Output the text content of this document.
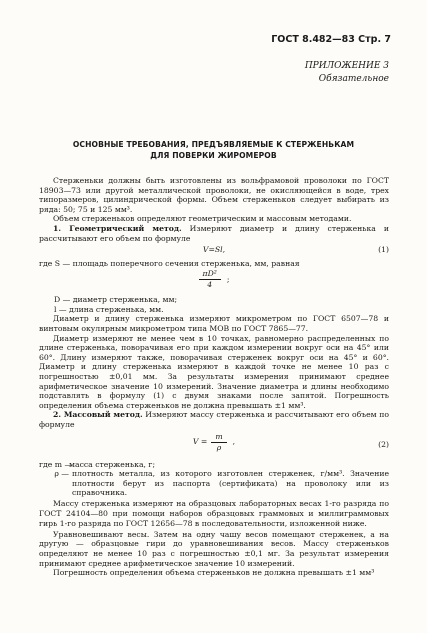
ГОСТ 8.482—83 Стр. 7
ПРИЛОЖЕНИЕ 3
Обязательное
ОСНОВНЫЕ ТРЕБОВАНИЯ, ПРЕДЪЯВЛЯЕМЫЕ К СТЕРЖЕНЬКАМ
ДЛЯ ПОВЕРКИ ЖИРОМЕРОВ

Стерженьки должны быть изготовлены из вольфрамовой проволоки по ГОСТ 18903—73 или другой металлической проволоки, не окисляющейся в воде, трех типоразмеров, цилиндрической формы. Объем стерженьков следует выбирать из ряда: 50; 75 и 125 мм³.

Объем стерженьков определяют геометрическим и массовым методами.

1. Геометрический метод. Измеряют диаметр и длину стерженька и рассчитывают его объем по формуле

V=Sl,	(1)

где S — площадь поперечного сечения стерженька, мм, равная

$\frac{\text{πD²}}{4}$ ;
D — диаметр стерженька, мм;
l — длина стерженька, мм.

Диаметр и длину стерженька измеряют микрометром по ГОСТ 6507—78 и винтовым окулярным микрометром типа МОВ по ГОСТ 7865—77.

Диаметр измеряют не менее чем в 10 точках, равномерно распределенных по длине стерженька, поворачивая его при каждом измерении вокруг оси на 45° или 60°. Длину измеряют также, поворачивая стерженек вокруг оси на 45° и 60°. Диаметр и длину стерженька измеряют в каждой точке не менее 10 раз с погрешностью ±0,01 мм. За результаты измерения принимают среднее арифметическое значение 10 измерений. Значение диаметра и длины необходимо подставлять в формулу (1) с двумя знаками после запятой. Погрешность определения объема стерженьков не должна превышать ±1 мм³.

2. Массовый метод. Измеряют массу стерженька и рассчитывают его объем по формуле

$V = \frac{m}{\rho}$ ,	(2)
где m —
масса стерженька, г;
ρ — плотность металла, из которого изготовлен стерженек, г/мм³. Значение плотности берут из паспорта (сертификата) на проволоку или из справочника.

Массу стерженька измеряют на образцовых лабораторных весах 1-го разряда по ГОСТ 24104—80 при помощи наборов образцовых граммовых и миллиграммовых гирь 1-го разряда по ГОСТ 12656—78 в последовательности, изложенной ниже.

Уравновешивают весы. Затем на одну чашу весов помещают стерженек, а на другую — образцовые гири до уравновешивания весов. Массу стерженьков определяют не менее 10 раз с погрешностью ±0,1 мг. За результат измерения принимают среднее арифметическое значение 10 измерений.

Погрешность определения объема стерженьков не должна превышать ±1 мм³
